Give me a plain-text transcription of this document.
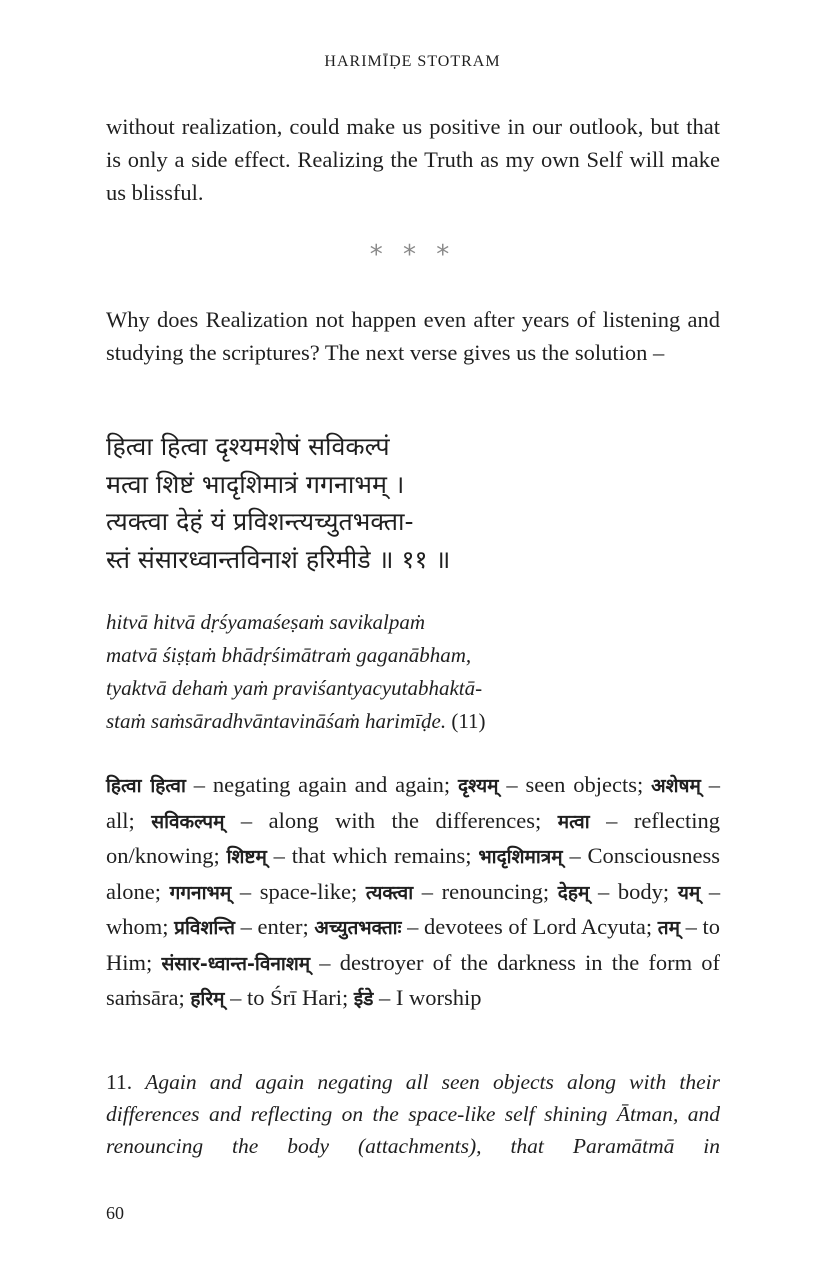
HARIMĪḌE STOTRAM
without realization, could make us positive in our outlook, but that is only a side effect. Realizing the Truth as my own Self will make us blissful.
* * *
Why does Realization not happen even after years of listening and studying the scriptures? The next verse gives us the solution –
हित्वा हित्वा दृश्यमशेषं सविकल्पं
मत्वा शिष्टं भादृशिमात्रं गगनाभम् ।
त्यक्त्वा देहं यं प्रविशन्त्यच्युतभक्ता-
स्तं संसारध्वान्तविनाशं हरिमीडे ॥ ११ ॥
hitvā hitvā dṛśyamaśeṣaṁ savikalpaṁ
matvā śiṣṭaṁ bhādṛśimātraṁ gaganābham,
tyaktvā dehaṁ yaṁ praviśantyacyutabhaktā-
staṁ saṁsāradhvāntavināśaṁ harimīḍe. (11)
हित्वा हित्वा – negating again and again; दृश्यम् – seen objects; अशेषम् – all; सविकल्पम् – along with the differences; मत्वा – reflecting on/knowing; शिष्टम् – that which remains; भादृशिमात्रम् – Consciousness alone; गगनाभम् – space-like; त्यक्त्वा – renouncing; देहम् – body; यम् – whom; प्रविशन्ति – enter; अच्युतभक्ताः – devotees of Lord Acyuta; तम् – to Him; संसार-ध्वान्त-विनाशम् – destroyer of the darkness in the form of saṁsāra; हरिम् – to Śrī Hari; ईडे – I worship
11. Again and again negating all seen objects along with their differences and reflecting on the space-like self shining Ātman, and renouncing the body (attachments), that Paramātmā in
60
